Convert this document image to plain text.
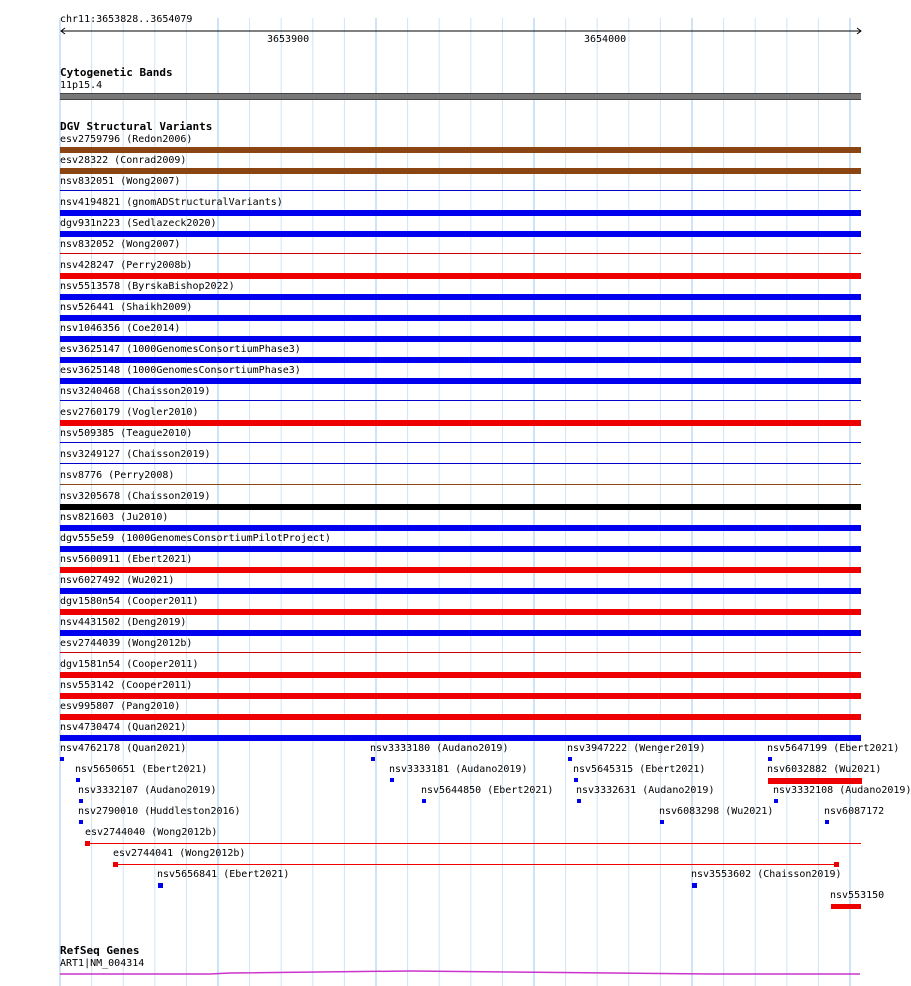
chr11:3653828..3654079
3653900	3654000
Cytogenetic Bands
11p15.4
DGV Structural Variants
esv2759796 (Redon2006)
esv28322 (Conrad2009)
nsv832051 (Wong2007)
nsv4194821 (gnomADStructuralVariants)
dgv931n223 (Sedlazeck2020)
nsv832052 (Wong2007)
nsv428247 (Perry2008b)
nsv5513578 (ByrskaBishop2022)
nsv526441 (Shaikh2009)
nsv1046356 (Coe2014)
esv3625147 (1000GenomesConsortiumPhase3)
esv3625148 (1000GenomesConsortiumPhase3)
nsv3240468 (Chaisson2019)
esv2760179 (Vogler2010)
nsv509385 (Teague2010)
nsv3249127 (Chaisson2019)
nsv8776 (Perry2008)
nsv3205678 (Chaisson2019)
nsv821603 (Ju2010)
dgv555e59 (1000GenomesConsortiumPilotProject)
nsv5600911 (Ebert2021)
nsv6027492 (Wu2021)
dgv1580n54 (Cooper2011)
nsv4431502 (Deng2019)
esv2744039 (Wong2012b)
dgv1581n54 (Cooper2011)
nsv553142 (Cooper2011)
esv995807 (Pang2010)
nsv4730474 (Quan2021)
nsv4762178 (Quan2021)	nsv3333180 (Audano2019)	nsv3947222 (Wenger2019)	nsv5647199 (Ebert2021)
nsv5650651 (Ebert2021)	nsv3333181 (Audano2019)	nsv5645315 (Ebert2021)	nsv6032882 (Wu2021)
nsv3332107 (Audano2019)	nsv5644850 (Ebert2021) nsv3332631 (Audano2019)	nsv3332108 (Audano2019)
nsv2790010 (Huddleston2016)	nsv6083298 (Wu2021)	nsv6087172
esv2744040 (Wong2012b)
esv2744041 (Wong2012b)
nsv5656841 (Ebert2021)	nsv3553602 (Chaisson2019)
nsv553150
RefSeq Genes
ART1|NM_004314
